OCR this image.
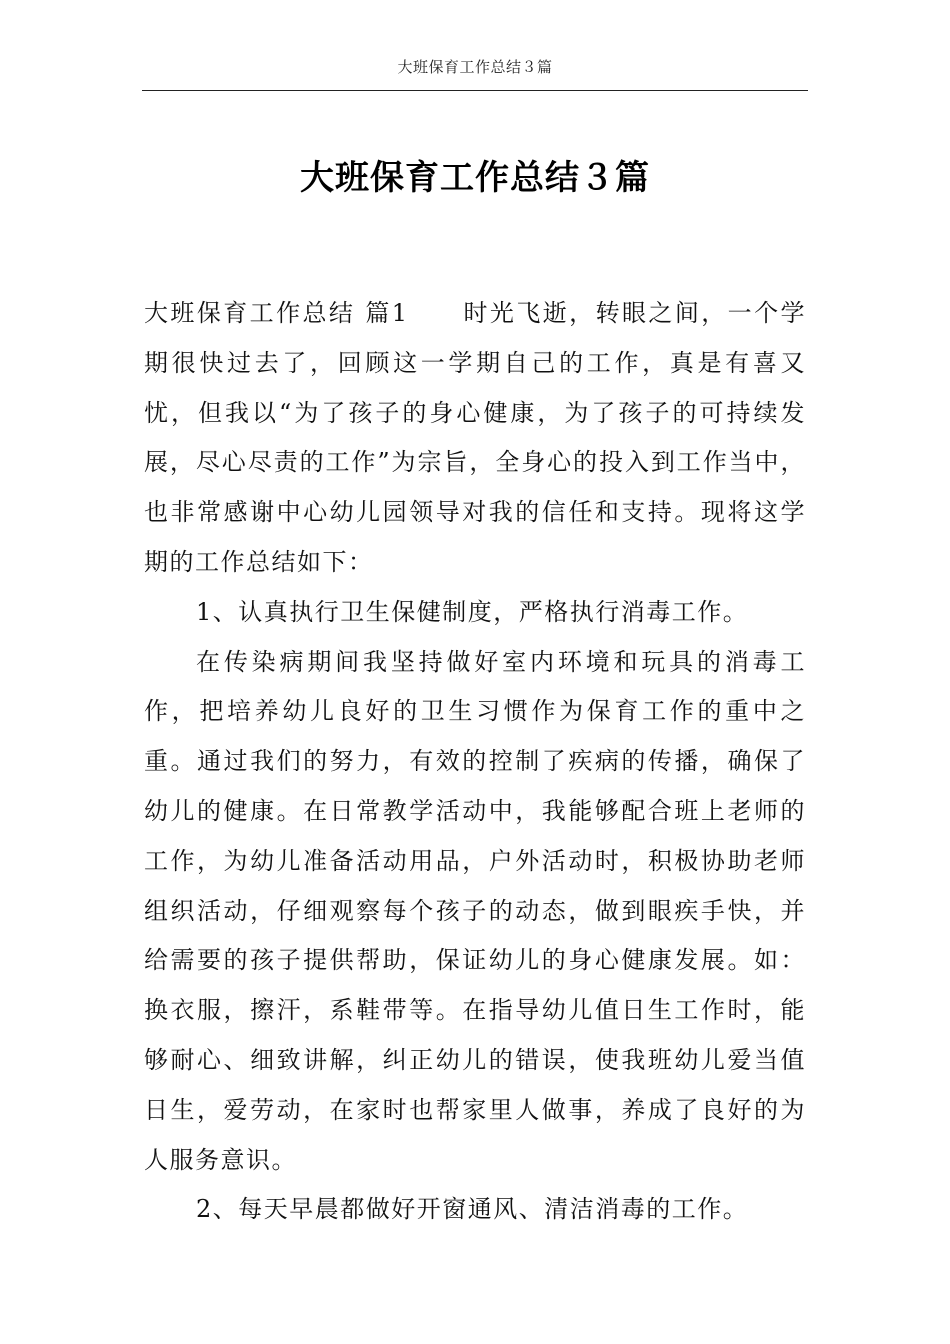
大班保育工作总结３篇
大班保育工作总结３篇

大班保育工作总结 篇1 时光飞逝，转眼之间，一个学期很快过去了，回顾这一学期自己的工作，真是有喜又忧，但我以“为了孩子的身心健康，为了孩子的可持续发展，尽心尽责的工作”为宗旨，全身心的投入到工作当中，也非常感谢中心幼儿园领导对我的信任和支持。现将这学期的工作总结如下：

1、认真执行卫生保健制度，严格执行消毒工作。

在传染病期间我坚持做好室内环境和玩具的消毒工作，把培养幼儿良好的卫生习惯作为保育工作的重中之重。通过我们的努力，有效的控制了疾病的传播，确保了幼儿的健康。在日常教学活动中，我能够配合班上老师的工作，为幼儿准备活动用品，户外活动时，积极协助老师组织活动，仔细观察每个孩子的动态，做到眼疾手快，并给需要的孩子提供帮助，保证幼儿的身心健康发展。如：换衣服，擦汗，系鞋带等。在指导幼儿值日生工作时，能够耐心、细致讲解，纠正幼儿的错误，使我班幼儿爱当值日生，爱劳动，在家时也帮家里人做事，养成了良好的为人服务意识。

2、每天早晨都做好开窗通风、清洁消毒的工作。
